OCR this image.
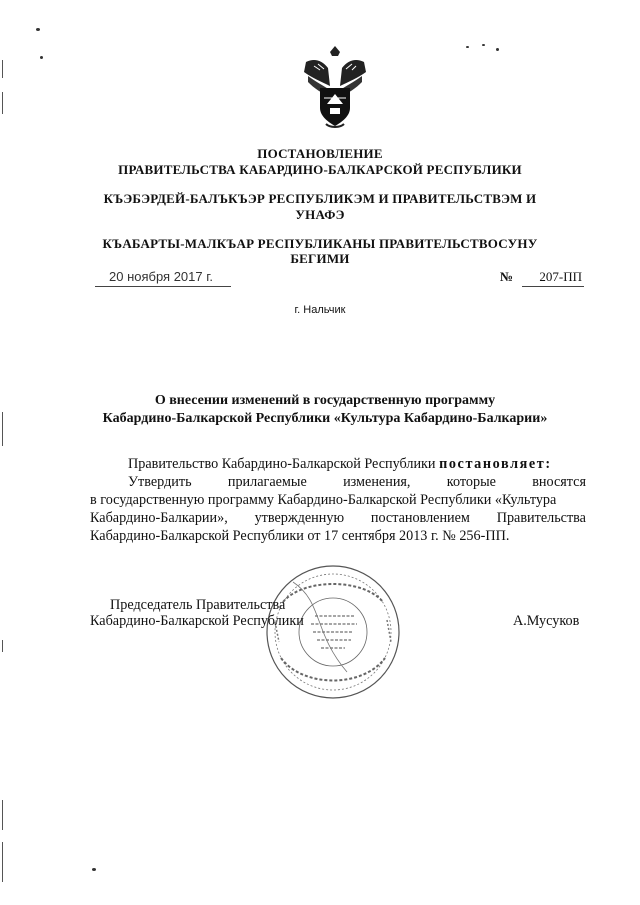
ПОСТАНОВЛЕНИЕ
ПРАВИТЕЛЬСТВА КАБАРДИНО-БАЛКАРСКОЙ РЕСПУБЛИКИ
КЪЭБЭРДЕЙ-БАЛЪКЪЭР РЕСПУБЛИКЭМ И ПРАВИТЕЛЬСТВЭМ И
УНАФЭ
КЪАБАРТЫ-МАЛКЪАР РЕСПУБЛИКАНЫ ПРАВИТЕЛЬСТВОСУНУ
БЕГИМИ
20 ноября 2017 г.	№	207-ПП
г. Нальчик
О внесении изменений в государственную программу
Кабардино-Балкарской Республики «Культура Кабардино-Балкарии»
Правительство Кабардино-Балкарской Республики постановляет:
Утвердить	прилагаемые	изменения,	которые	вносятся
в государственную программу Кабардино-Балкарской Республики «Культура
Кабардино-Балкарии», утвержденную постановлением Правительства
Кабардино-Балкарской Республики от 17 сентября 2013 г. № 256-ПП.
Председатель Правительства
Кабардино-Балкарской Республики	А.Мусуков
